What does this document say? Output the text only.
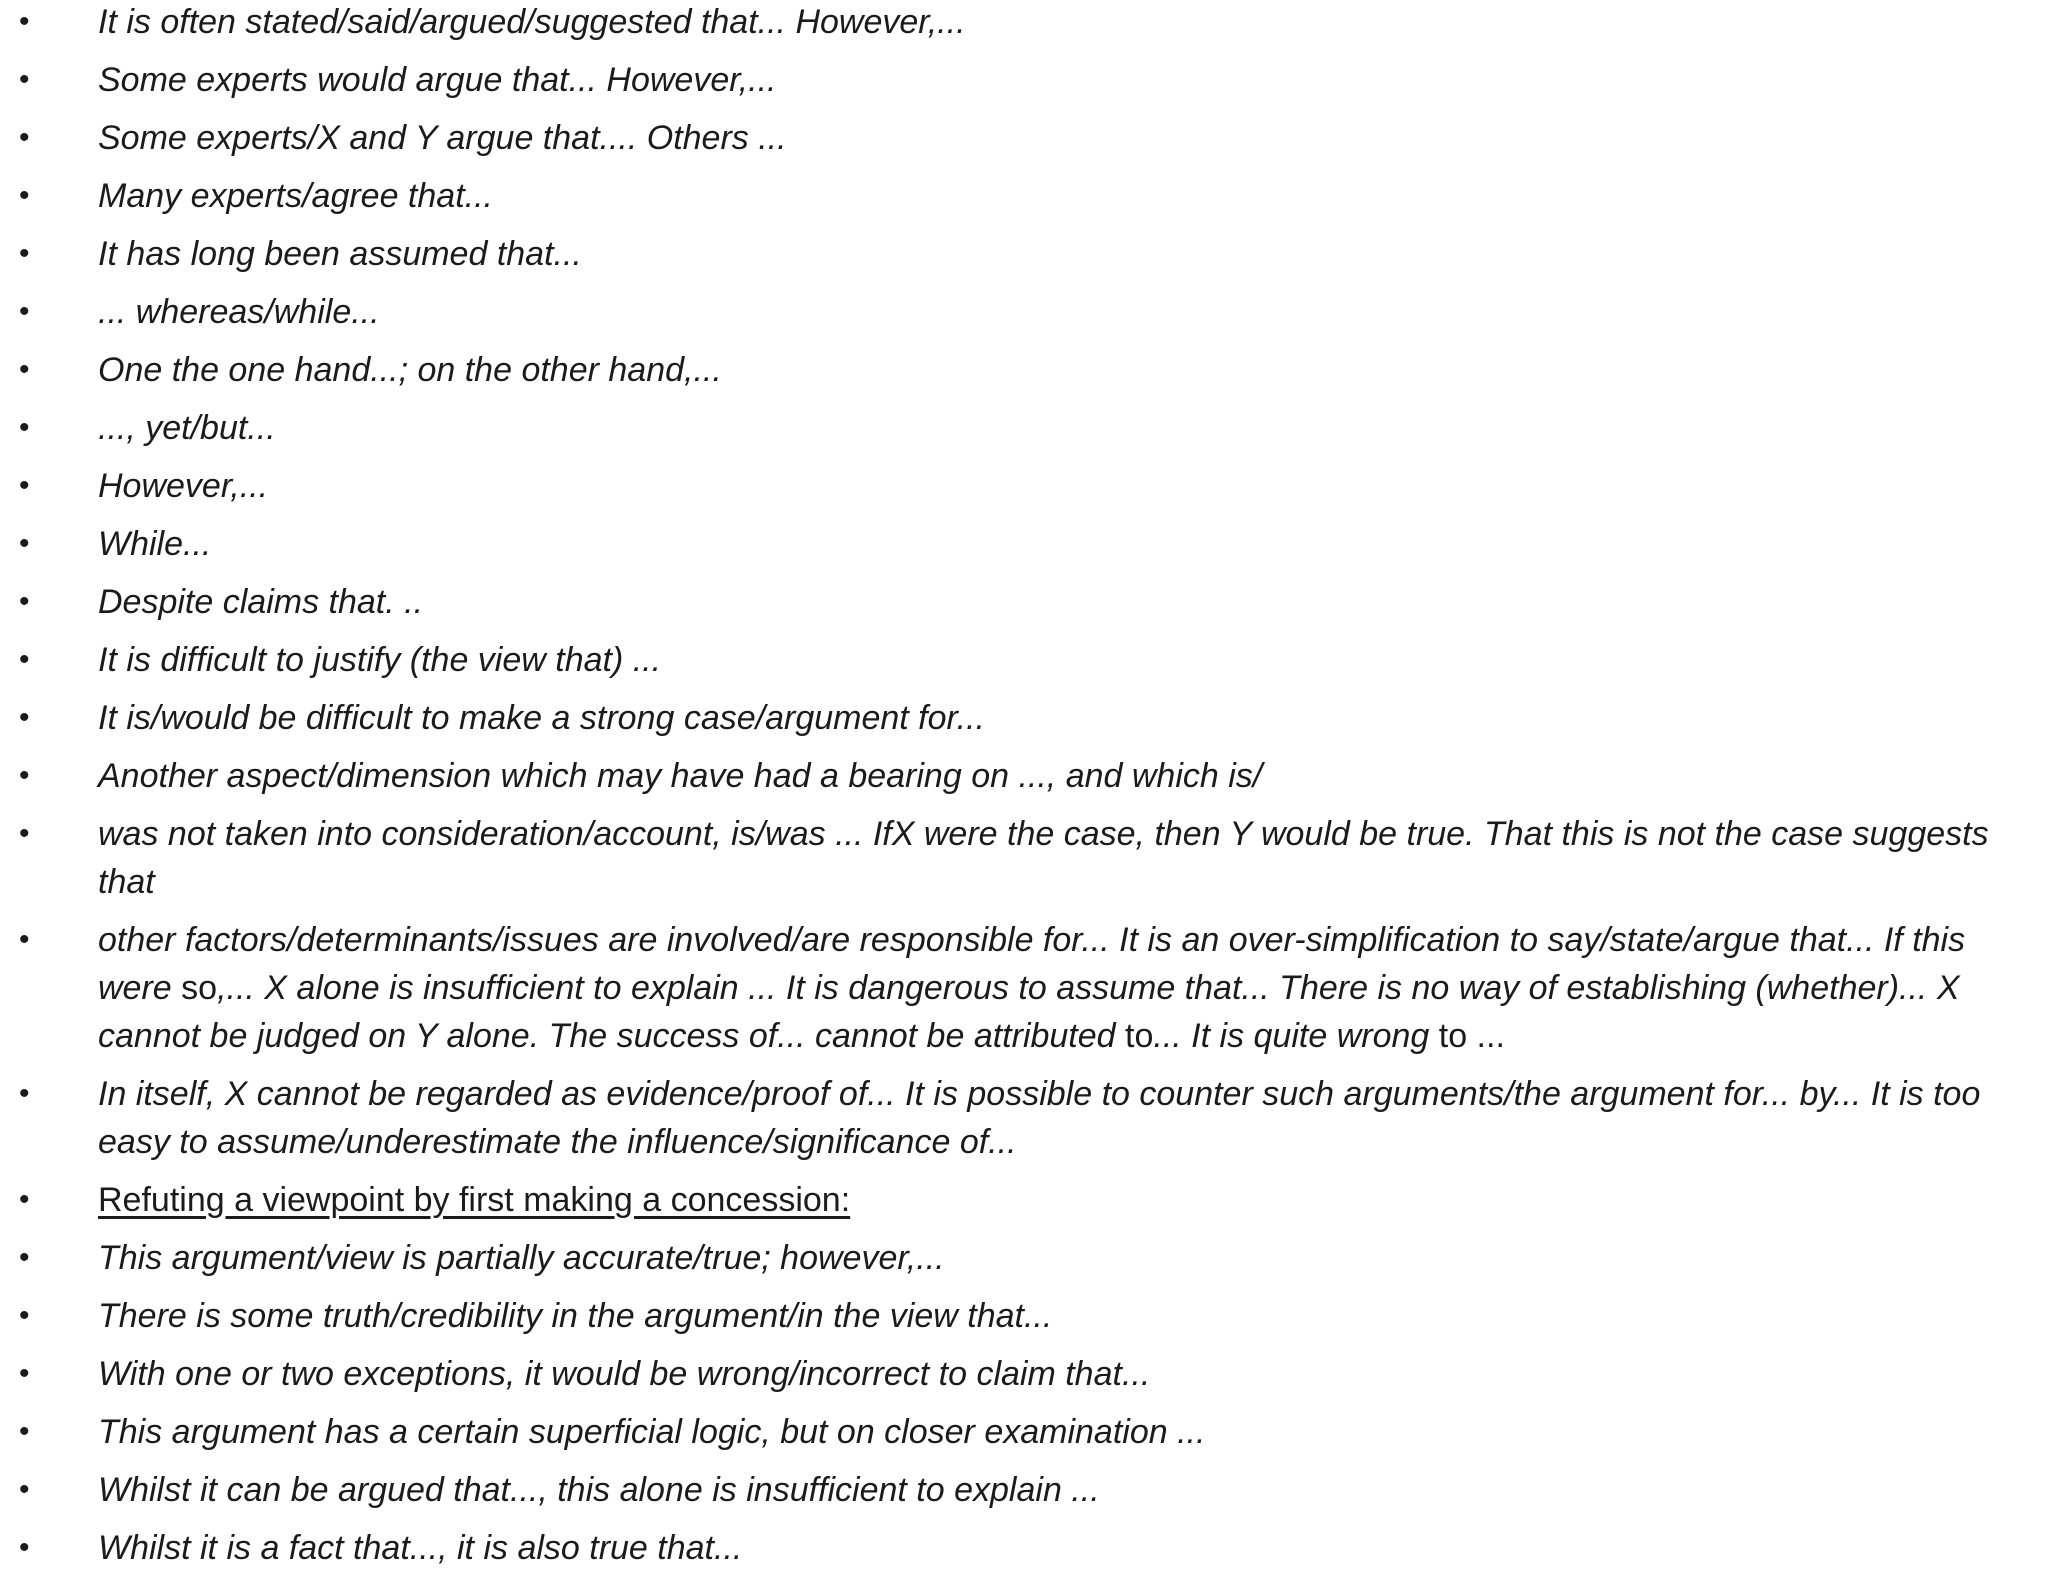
• It is often stated/said/argued/suggested that... However,...
• Some experts would argue that... However,...
• Some experts/X and Y argue that.... Others ...
• Many experts/agree that...
• It has long been assumed that...
• ... whereas/while...
• One the one hand...; on the other hand,...
• ..., yet/but...
• However,...
• While...
• Despite claims that. ..
• It is difficult to justify (the view that) ...
• It is/would be difficult to make a strong case/argument for...
• Another aspect/dimension which may have had a bearing on ..., and which is/
• was not taken into consideration/account, is/was ... IfX were the case, then Y would be true. That this is not the case suggests that
• other factors/determinants/issues are involved/are responsible for... It is an over-simplification to say/state/argue that... If this were so,... X alone is insufficient to explain ... It is dangerous to assume that... There is no way of establishing (whether)... X cannot be judged on Y alone. The success of... cannot be attributed to... It is quite wrong to ...
• In itself, X cannot be regarded as evidence/proof of... It is possible to counter such arguments/the argument for... by... It is too easy to assume/underestimate the influence/significance of...
• Refuting a viewpoint by first making a concession:
• This argument/view is partially accurate/true; however,...
• There is some truth/credibility in the argument/in the view that...
• With one or two exceptions, it would be wrong/incorrect to claim that...
• This argument has a certain superficial logic, but on closer examination ...
• Whilst it can be argued that..., this alone is insufficient to explain ...
• Whilst it is a fact that..., it is also true that...
